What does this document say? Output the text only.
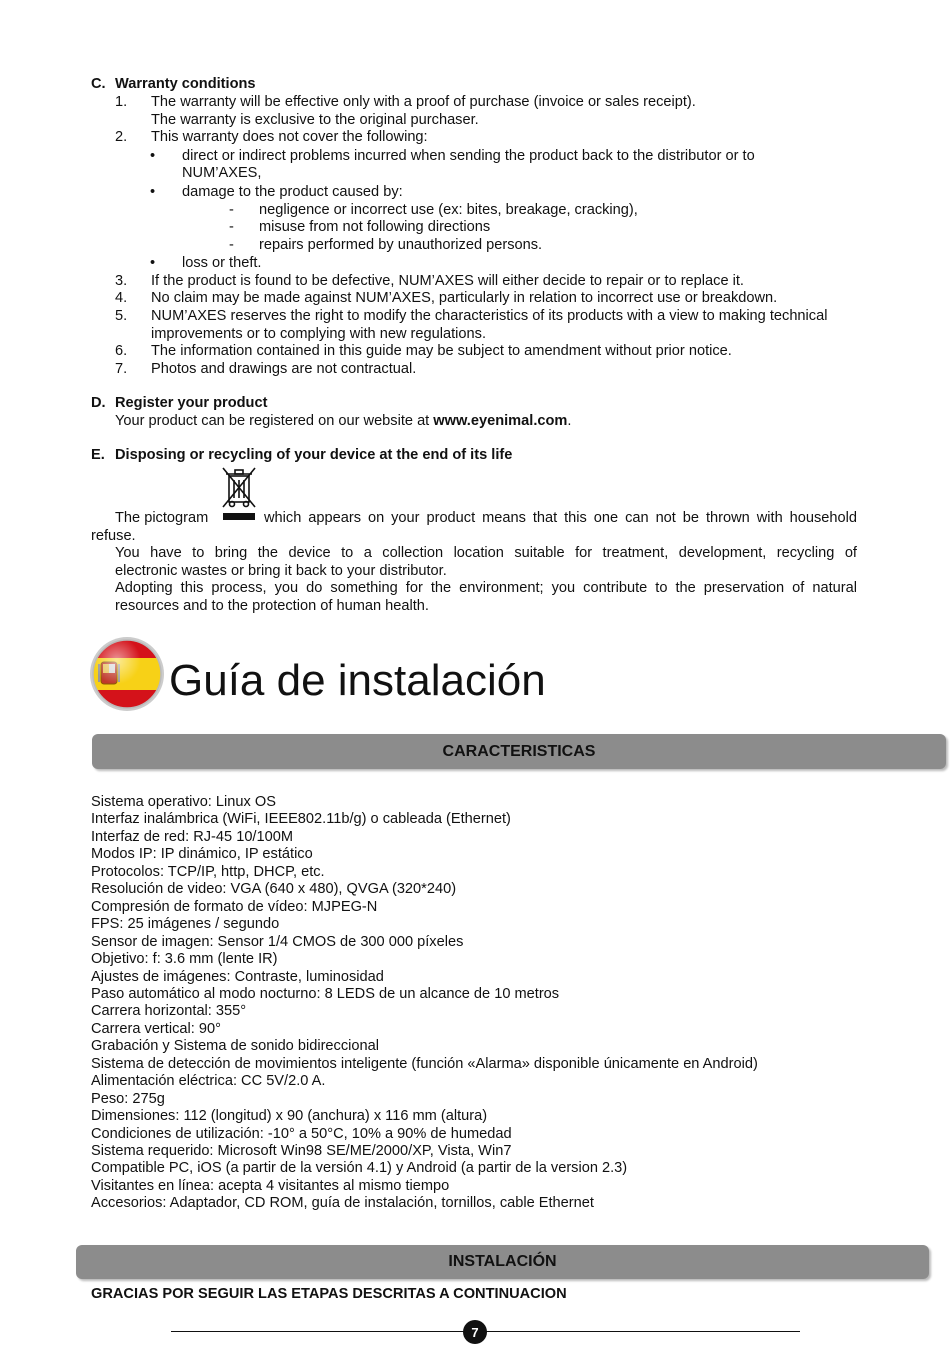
C. Warranty conditions
1. The warranty will be effective only with a proof of purchase (invoice or sales receipt).
The warranty is exclusive to the original purchaser.
2. This warranty does not cover the following:
• direct or indirect problems incurred when sending the product back to the distributor or to
NUM’AXES,
• damage to the product caused by:
- negligence or incorrect use (ex: bites, breakage, cracking),
- misuse from not following directions
- repairs performed by unauthorized persons.
• loss or theft.
3. If the product is found to be defective, NUM’AXES will either decide to repair or to replace it.
4. No claim may be made against NUM’AXES, particularly in relation to incorrect use or breakdown.
5. NUM’AXES reserves the right to modify the characteristics of its products with a view to making technical
improvements or to complying with new regulations.
6. The information contained in this guide may be subject to amendment without prior notice.
7. Photos and drawings are not contractual.
D. Register your product
Your product can be registered on our website at www.eyenimal.com.
E. Disposing or recycling of your device at the end of its life
The pictogram	which appears on your product means that this one can not be thrown with household
refuse.
You have to bring the device to a collection location suitable for treatment, development, recycling of
electronic wastes or bring it back to your distributor.
Adopting this process, you do something for the environment; you contribute to the preservation of natural
resources and to the protection of human health.
Guía de instalación
CARACTERISTICAS
Sistema operativo: Linux OS
Interfaz inalámbrica (WiFi, IEEE802.11b/g) o cableada (Ethernet)
Interfaz de red: RJ-45 10/100M
Modos IP: IP dinámico, IP estático
Protocolos: TCP/IP, http, DHCP, etc.
Resolución de video: VGA (640 x 480), QVGA (320*240)
Compresión de formato de vídeo: MJPEG-N
FPS: 25 imágenes / segundo
Sensor de imagen: Sensor 1/4 CMOS de 300 000 píxeles
Objetivo: f: 3.6 mm (lente IR)
Ajustes de imágenes: Contraste, luminosidad
Paso automático al modo nocturno: 8 LEDS de un alcance de 10 metros
Carrera horizontal: 355°
Carrera vertical: 90°
Grabación y Sistema de sonido bidireccional
Sistema de detección de movimientos inteligente (función «Alarma» disponible únicamente en Android)
Alimentación eléctrica: CC 5V/2.0 A.
Peso: 275g
Dimensiones: 112 (longitud) x 90 (anchura) x 116 mm (altura)
Condiciones de utilización: -10° a 50°C, 10% a 90% de humedad
Sistema requerido: Microsoft Win98 SE/ME/2000/XP, Vista, Win7
Compatible PC, iOS (a partir de la versión 4.1) y Android (a partir de la version 2.3)
Visitantes en línea: acepta 4 visitantes al mismo tiempo
Accesorios: Adaptador, CD ROM, guía de instalación, tornillos, cable Ethernet
INSTALACIÓN
GRACIAS POR SEGUIR LAS ETAPAS DESCRITAS A CONTINUACION
7
